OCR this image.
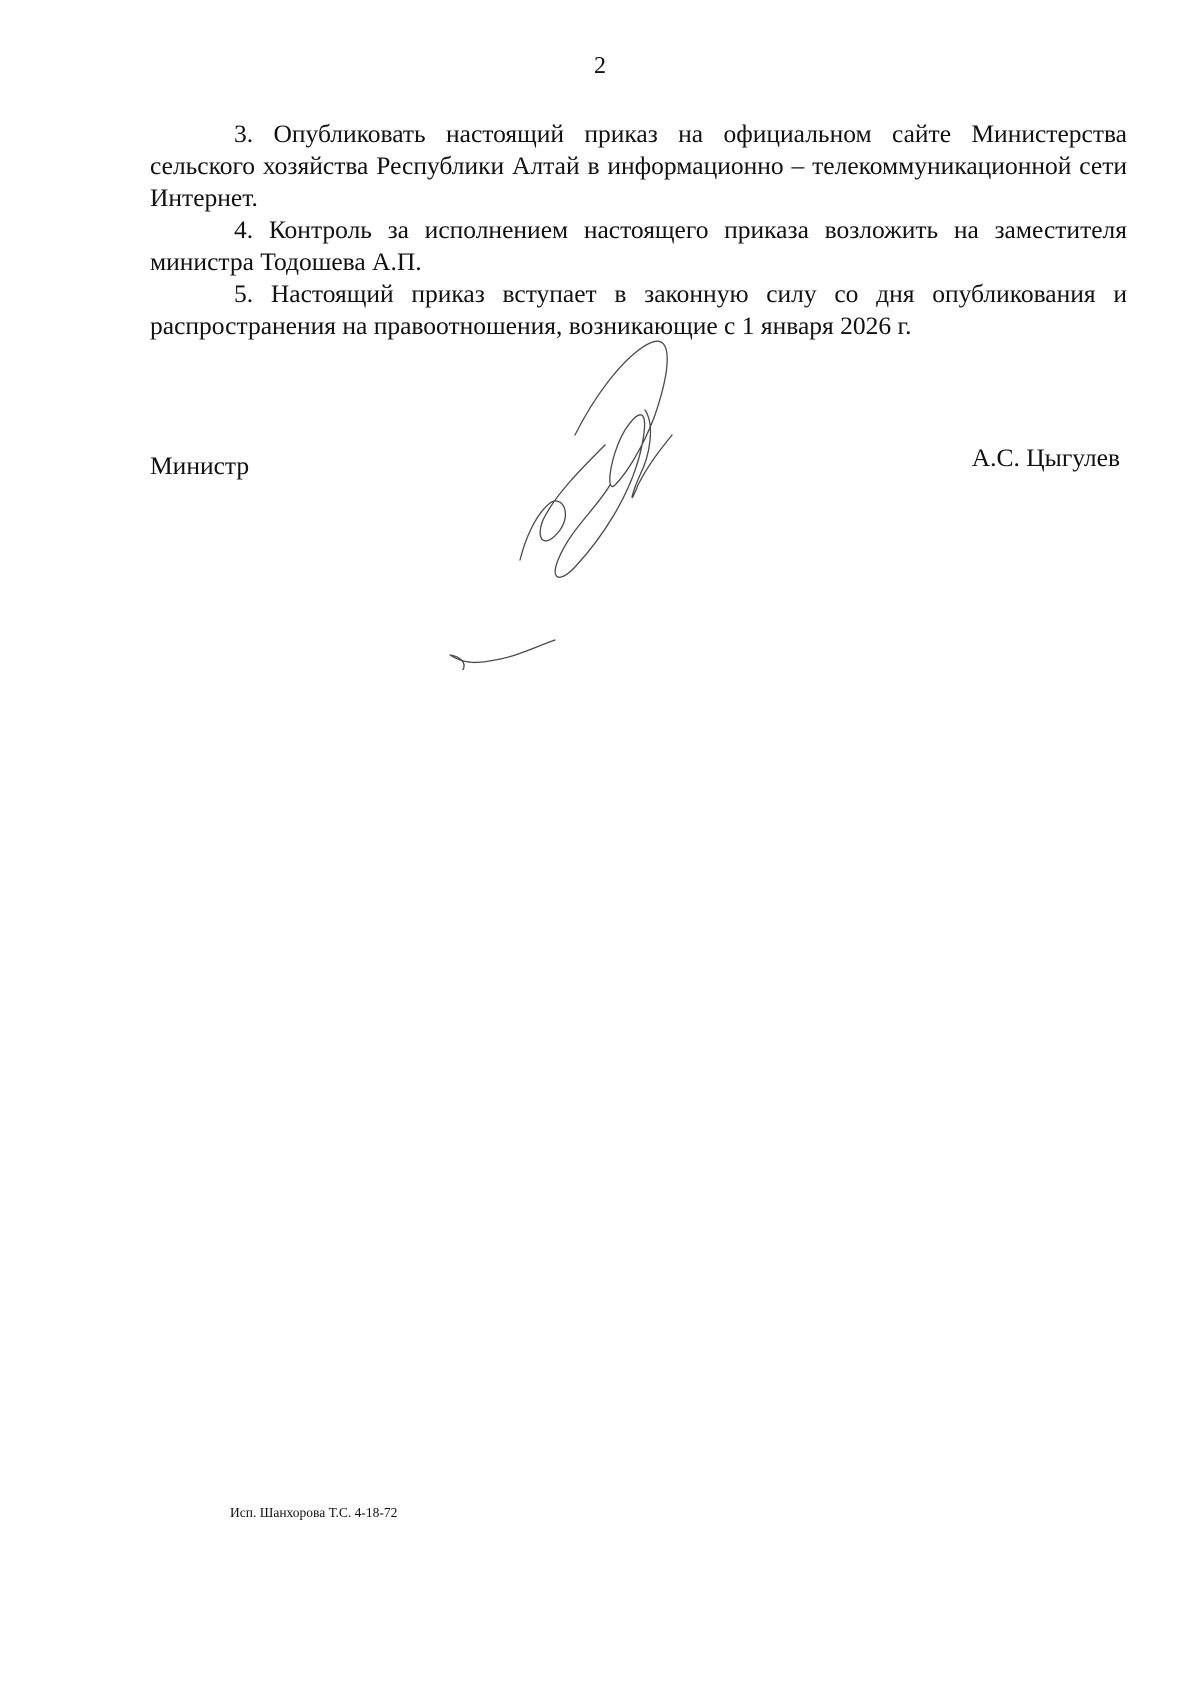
2

3. Опубликовать настоящий приказ на официальном сайте Министерства сельского хозяйства Республики Алтай в информационно – телекоммуникационной сети Интернет.

4. Контроль за исполнением настоящего приказа возложить на заместителя министра Тодошева А.П.

5. Настоящий приказ вступает в законную силу со дня опубликования и распространения на правоотношения, возникающие с 1 января 2026 г.

Министр	А.С. Цыгулев
Исп. Шанхорова Т.С. 4-18-72
